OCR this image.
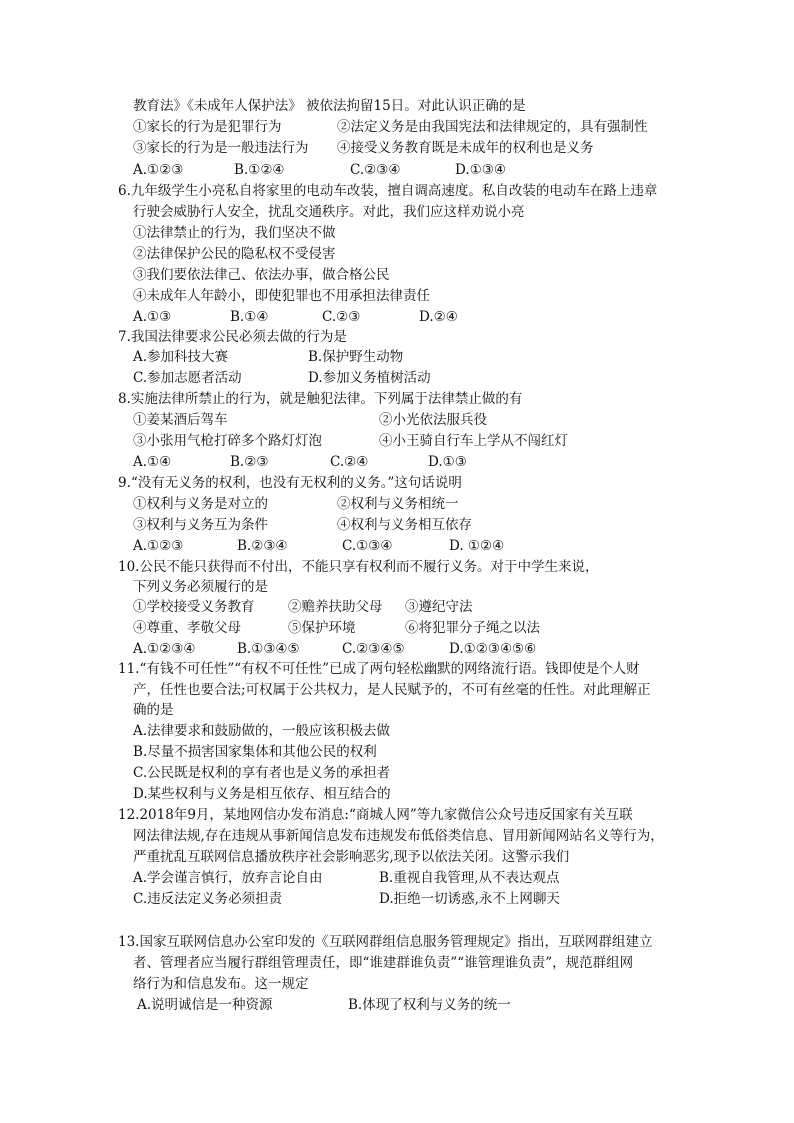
教育法》《未成年人保护法》 被依法拘留15日。对此认识正确的是
①家长的行为是犯罪行为	②法定义务是由我国宪法和法律规定的，具有强制性
③家长的行为是一般违法行为 ④接受义务教育既是未成年的权利也是义务
A.①②③	B.①②④	C.②③④	D.①③④
6.九年级学生小亮私自将家里的电动车改装，擅自调高速度。私自改装的电动车在路上违章
行驶会威胁行人安全，扰乱交通秩序。对此，我们应这样劝说小亮
①法律禁止的行为，我们坚决不做
②法律保护公民的隐私权不受侵害
③我们要依法律己、依法办事，做合格公民
④未成年人年龄小，即使犯罪也不用承担法律责任
A.①③	B.①④	C.②③	D.②④
7.我国法律要求公民必须去做的行为是
A.参加科技大赛	B.保护野生动物
C.参加志愿者活动	D.参加义务植树活动
8.实施法律所禁止的行为，就是触犯法律。下列属于法律禁止做的有
①姜某酒后驾车	②小光依法服兵役
③小张用气枪打碎多个路灯灯泡	④小王骑自行车上学从不闯红灯
A.①④	B.②③	C.②④	D.①③
9.“没有无义务的权利，也没有无权利的义务。”这句话说明
①权利与义务是对立的	②权利与义务相统一
③权利与义务互为条件	④权利与义务相互依存
A.①②③	B.②③④	C.①③④	D. ①②④
10.公民不能只获得而不付出，不能只享有权利而不履行义务。对于中学生来说，
下列义务必须履行的是
①学校接受义务教育 ②赡养扶助父母 ③遵纪守法
④尊重、孝敬父母	⑤保护环境	⑥将犯罪分子绳之以法
A.①②③④	B.①③④⑤	C.②③④⑤	D.①②③④⑤⑥
11.“有钱不可任性”“有权不可任性”已成了两句轻松幽默的网络流行语。钱即使是个人财
产，任性也要合法;可权属于公共权力，是人民赋予的，不可有丝毫的任性。对此理解正
确的是
A.法律要求和鼓励做的，一般应该积极去做
B.尽量不损害国家集体和其他公民的权利
C.公民既是权利的享有者也是义务的承担者
D.某些权利与义务是相互依存、相互结合的
12.2018年9月，某地网信办发布消息:“商城人网”等九家微信公众号违反国家有关互联
网法律法规,存在违规从事新闻信息发布违规发布低俗类信息、冒用新闻网站名义等行为，
严重扰乱互联网信息播放秩序社会影响恶劣,现予以依法关闭。这警示我们
A.学会谨言慎行，放弃言论自由	B.重视自我管理,从不表达观点
C.违反法定义务必须担责	D.拒绝一切诱惑,永不上网聊天
13.国家互联网信息办公室印发的《互联网群组信息服务管理规定》指出，互联网群组建立
者、管理者应当履行群组管理责任，即“谁建群谁负责”“谁管理谁负责”，规范群组网
络行为和信息发布。这一规定
A.说明诚信是一种资源	B.体现了权利与义务的统一
